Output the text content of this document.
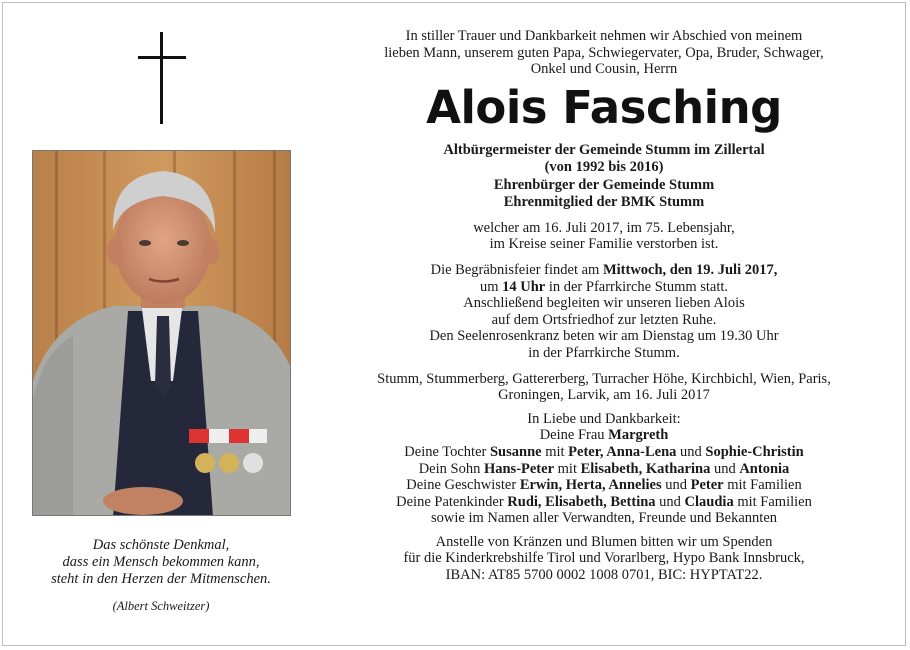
Das schönste Denkmal,
dass ein Mensch bekommen kann,
steht in den Herzen der Mitmenschen.
(Albert Schweitzer)

In stiller Trauer und Dankbarkeit nehmen wir Abschied von meinem
lieben Mann, unserem guten Papa, Schwiegervater, Opa, Bruder, Schwager,
Onkel und Cousin, Herrn

Alois Fasching

Altbürgermeister der Gemeinde Stumm im Zillertal
(von 1992 bis 2016)
Ehrenbürger der Gemeinde Stumm
Ehrenmitglied der BMK Stumm

welcher am 16. Juli 2017, im 75. Lebensjahr,
im Kreise seiner Familie verstorben ist.

Die Begräbnisfeier findet am Mittwoch, den 19. Juli 2017,
um 14 Uhr in der Pfarrkirche Stumm statt.
Anschließend begleiten wir unseren lieben Alois
auf dem Ortsfriedhof zur letzten Ruhe.
Den Seelenrosenkranz beten wir am Dienstag um 19.30 Uhr
in der Pfarrkirche Stumm.

Stumm, Stummerberg, Gattererberg, Turracher Höhe, Kirchbichl, Wien, Paris,
Groningen, Larvik, am 16. Juli 2017

In Liebe und Dankbarkeit:
Deine Frau Margreth
Deine Tochter Susanne mit Peter, Anna-Lena und Sophie-Christin
Dein Sohn Hans-Peter mit Elisabeth, Katharina und Antonia
Deine Geschwister Erwin, Herta, Annelies und Peter mit Familien
Deine Patenkinder Rudi, Elisabeth, Bettina und Claudia mit Familien
sowie im Namen aller Verwandten, Freunde und Bekannten

Anstelle von Kränzen und Blumen bitten wir um Spenden
für die Kinderkrebshilfe Tirol und Vorarlberg, Hypo Bank Innsbruck,
IBAN: AT85 5700 0002 1008 0701, BIC: HYPTAT22.
